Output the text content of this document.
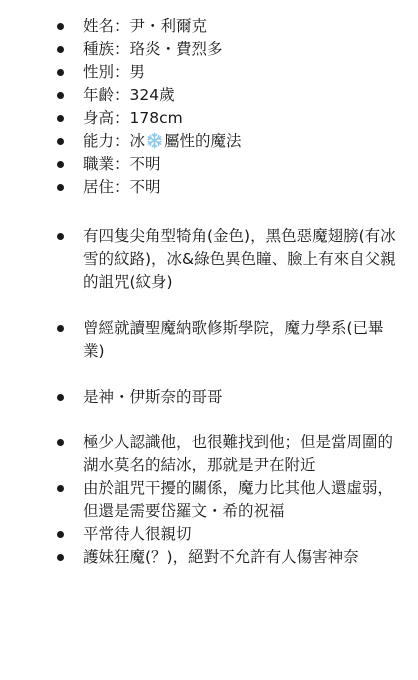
姓名：尹・利爾克
種族：珞炎・費烈多
性別：男
年齡：324歲
身高：178cm
能力：冰 屬性的魔法
職業：不明
居住：不明
有四隻尖角型犄角(金色)，黑色惡魔翅膀(有冰雪的紋路)，冰&綠色異色瞳、臉上有來自父親的詛咒(紋身)
曾經就讀聖魔納歌修斯學院，魔力學系(已畢業)
是神・伊斯奈的哥哥
極少人認識他，也很難找到他；但是當周圍的湖水莫名的結冰，那就是尹在附近
由於詛咒干擾的關係，魔力比其他人還虛弱，但還是需要岱羅文・希的祝福
平常待人很親切
護妹狂魔(？)，絕對不允許有人傷害神奈
